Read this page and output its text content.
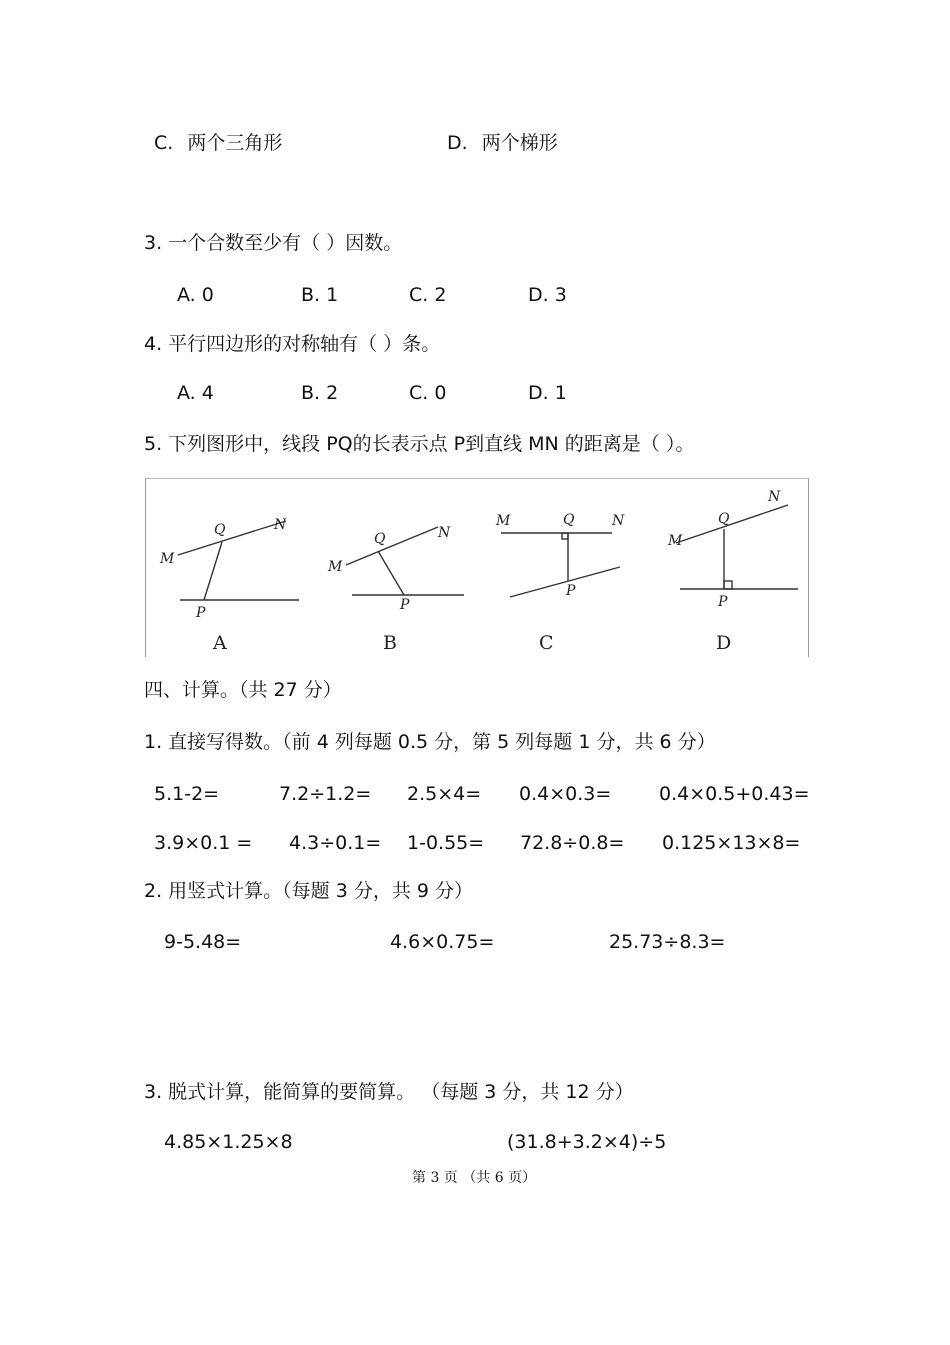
C. 两个三角形	D. 两个梯形
3. 一个合数至少有（ ）因数。
A. 0	B. 1	C. 2	D. 3
4. 平行四边形的对称轴有（ ）条。
A. 4	B. 2	C. 0	D. 1
5. 下列图形中，线段 PQ的长表示点 P到直线 MN 的距离是（ ）。
M
N
Q
P
M
N
Q
P
M	N
Q
P
M
N
Q
P
A	B	C	D
四、计算。（共 27 分）
1. 直接写得数。（前 4 列每题 0.5 分，第 5 列每题 1 分，共 6 分）
5.1-2=	7.2÷1.2= 2.5×4= 0.4×0.3=	0.4×0.5+0.43=
3.9×0.1 = 4.3÷0.1= 1-0.55= 72.8÷0.8= 0.125×13×8=
2. 用竖式计算。（每题 3 分，共 9 分）
9-5.48=	4.6×0.75=	25.73÷8.3=
3. 脱式计算，能简算的要简算。 （每题 3 分，共 12 分）
4.85×1.25×8	(31.8+3.2×4)÷5
第 3 页 （共 6 页）
